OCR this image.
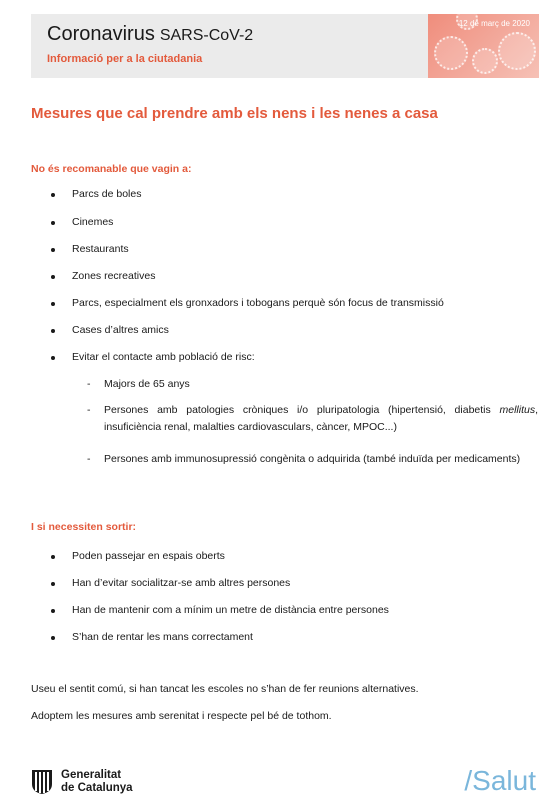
Coronavirus SARS-CoV-2
Informació per a la ciutadania
12 de març de 2020
Mesures que cal prendre amb els nens i les nenes a casa
No és recomanable que vagin a:
Parcs de boles
Cinemes
Restaurants
Zones recreatives
Parcs, especialment els gronxadors i tobogans perquè són focus de transmissió
Cases d’altres amics
Evitar el contacte amb població de risc:
- Majors de 65 anys
- Persones amb patologies cròniques i/o pluripatologia (hipertensió, diabetis mellitus, insuficiència renal, malalties cardiovasculars, càncer, MPOC...)
- Persones amb immunosupressió congènita o adquirida (també induïda per medicaments)
I si necessiten sortir:
Poden passejar en espais oberts
Han d’evitar socialitzar-se amb altres persones
Han de mantenir com a mínim un metre de distància entre persones
S’han de rentar les mans correctament
Useu el sentit comú, si han tancat les escoles no s’han de fer reunions alternatives.
Adoptem les mesures amb serenitat i respecte pel bé de tothom.
Generalitat
de Catalunya	/Salut
